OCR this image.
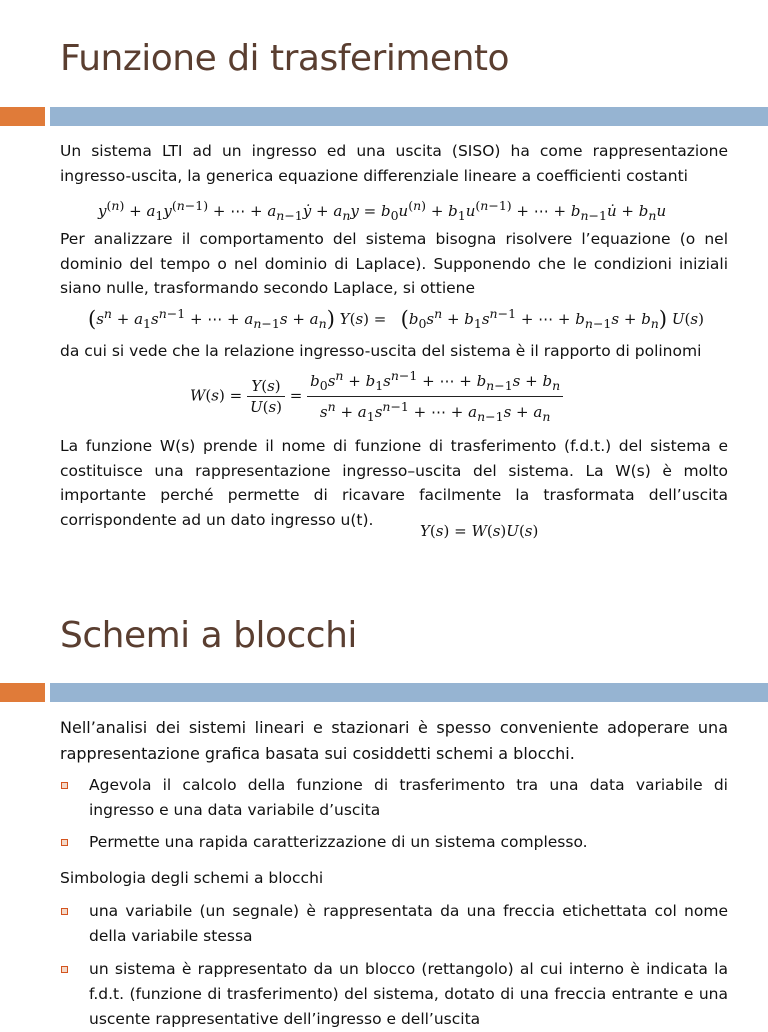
Funzione di trasferimento

Un sistema LTI ad un ingresso ed una uscita (SISO) ha come rappresentazione ingresso-uscita, la generica equazione differenziale lineare a coefficienti costanti

$y^{(n)} + a_1y^{(n-1)}$ + ⋯ + $a_{n-1}ẏ + a_ny = b_0u^{(n)} + b_1u^{(n-1)}$ + ⋯ + $b_{n-1}u̇ + b_nu$

Per analizzare il comportamento del sistema bisogna risolvere l’equazione (o nel dominio del tempo o nel dominio di Laplace). Supponendo che le condizioni iniziali siano nulle, trasformando secondo Laplace, si ottiene

($s^n + a_1s^{n-1}$ + ⋯ + $a_{n-1}s + a_n$) $Y(s) = (b_0s^n + b_1s^{n-1}$ + ⋯ + $b_{n-1}s + b_n$) U(s)

da cui si vede che la relazione ingresso-uscita del sistema è il rapporto di polinomi

$W(s) = \frac{Y(s)}{U(s)} = \frac{b_0s^n + b_1s^{n-1} + \cdots + b_{n-1}s + b_n}{s^n + a_1s^{n-1} + \cdots + a_{n-1}s + a_n}$

La funzione W(s) prende il nome di funzione di trasferimento (f.d.t.) del sistema e costituisce una rappresentazione ingresso–uscita del sistema. La W(s) è molto importante perché permette di ricavare facilmente la trasformata dell’uscita corrispondente ad un dato ingresso u(t).

Y(s) = W(s)U(s)
Schemi a blocchi

Nell’analisi dei sistemi lineari e stazionari è spesso conveniente adoperare una rappresentazione grafica basata sui cosiddetti schemi a blocchi.

Agevola il calcolo della funzione di trasferimento tra una data variabile di ingresso e una data variabile d’uscita
Permette una rapida caratterizzazione di un sistema complesso.

Simbologia degli schemi a blocchi

una variabile (un segnale) è rappresentata da una freccia etichettata col nome della variabile stessa
un sistema è rappresentato da un blocco (rettangolo) al cui interno è indicata la f.d.t. (funzione di trasferimento) del sistema, dotato di una freccia entrante e una uscente rappresentative dell’ingresso e dell’uscita
